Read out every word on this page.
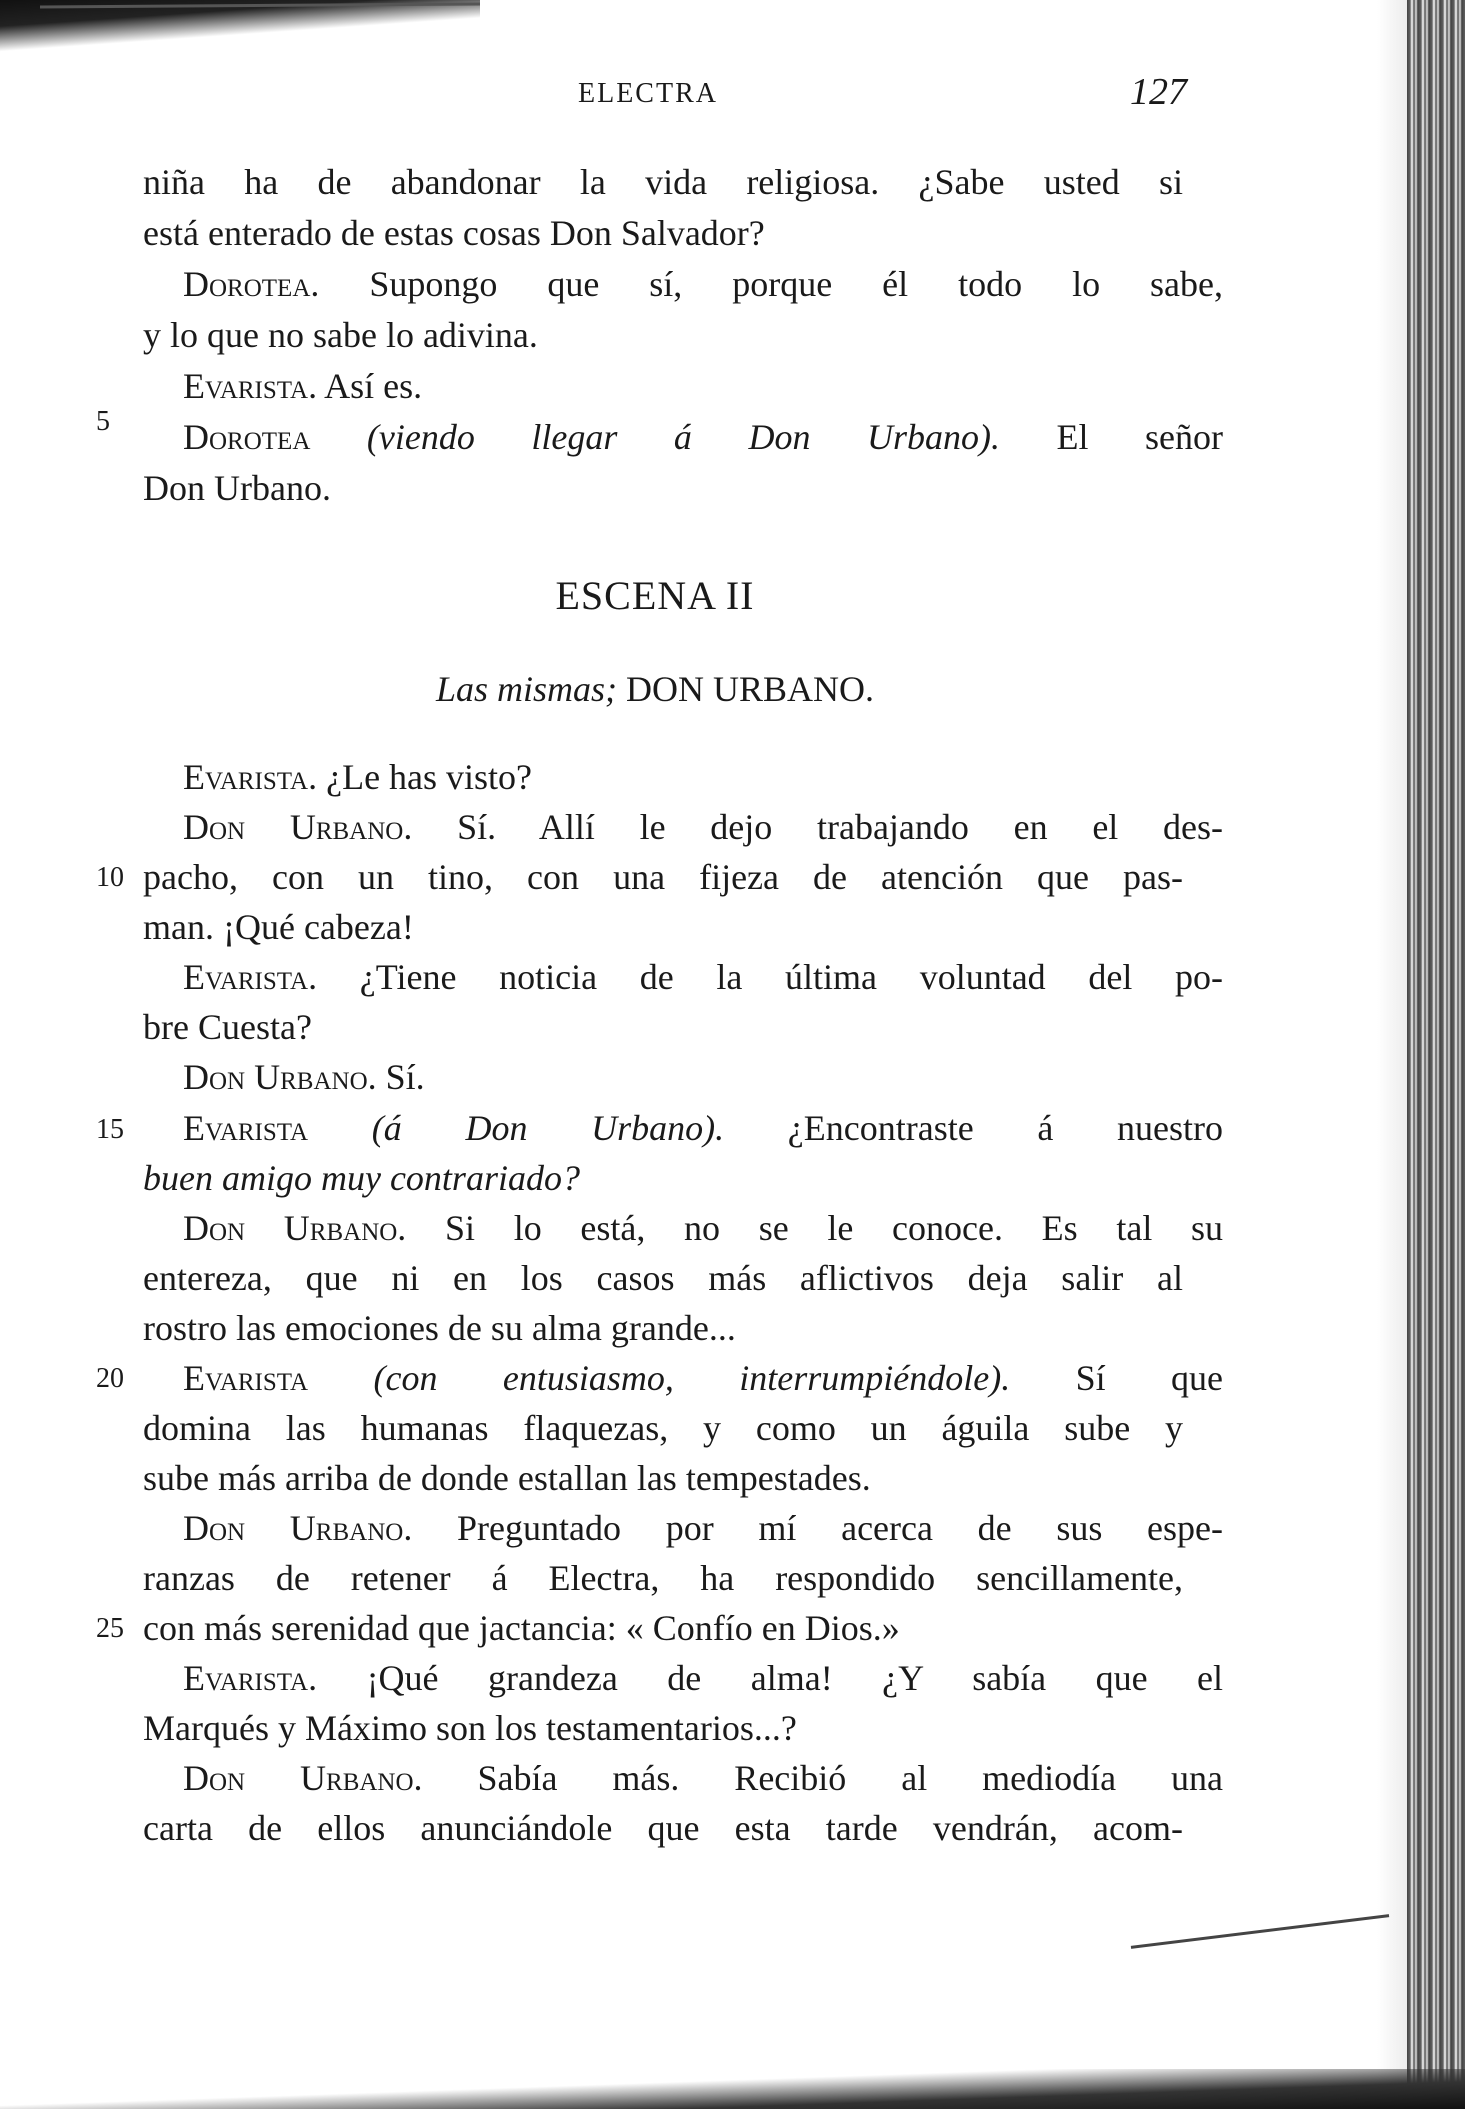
ELECTRA	127
niña ha de abandonar la vida religiosa. ¿Sabe usted si
está enterado de estas cosas Don Salvador?
Dorotea. Supongo que sí, porque él todo lo sabe,
y lo que no sabe lo adivina.
5
Evarista. Así es.
Dorotea (viendo llegar á Don Urbano). El señor
Don Urbano.
ESCENA II
Las mismas; DON URBANO.
Evarista. ¿Le has visto?
Don Urbano. Sí. Allí le dejo trabajando en el des-
10 pacho, con un tino, con una fijeza de atención que pas-
man. ¡Qué cabeza!
Evarista. ¿Tiene noticia de la última voluntad del po-
bre Cuesta?
Don Urbano. Sí.
15 Evarista (á Don Urbano). ¿Encontraste á nuestro
buen amigo muy contrariado?
Don Urbano. Si lo está, no se le conoce. Es tal su
entereza, que ni en los casos más aflictivos deja salir al
rostro las emociones de su alma grande...
20 Evarista (con entusiasmo, interrumpiéndole). Sí que
domina las humanas flaquezas, y como un águila sube y
sube más arriba de donde estallan las tempestades.
Don Urbano. Preguntado por mí acerca de sus espe-
ranzas de retener á Electra, ha respondido sencillamente,
25 con más serenidad que jactancia: « Confío en Dios.»
Evarista. ¡Qué grandeza de alma! ¿Y sabía que el
Marqués y Máximo son los testamentarios...?
Don Urbano. Sabía más. Recibió al mediodía una
carta de ellos anunciándole que esta tarde vendrán, acom-
